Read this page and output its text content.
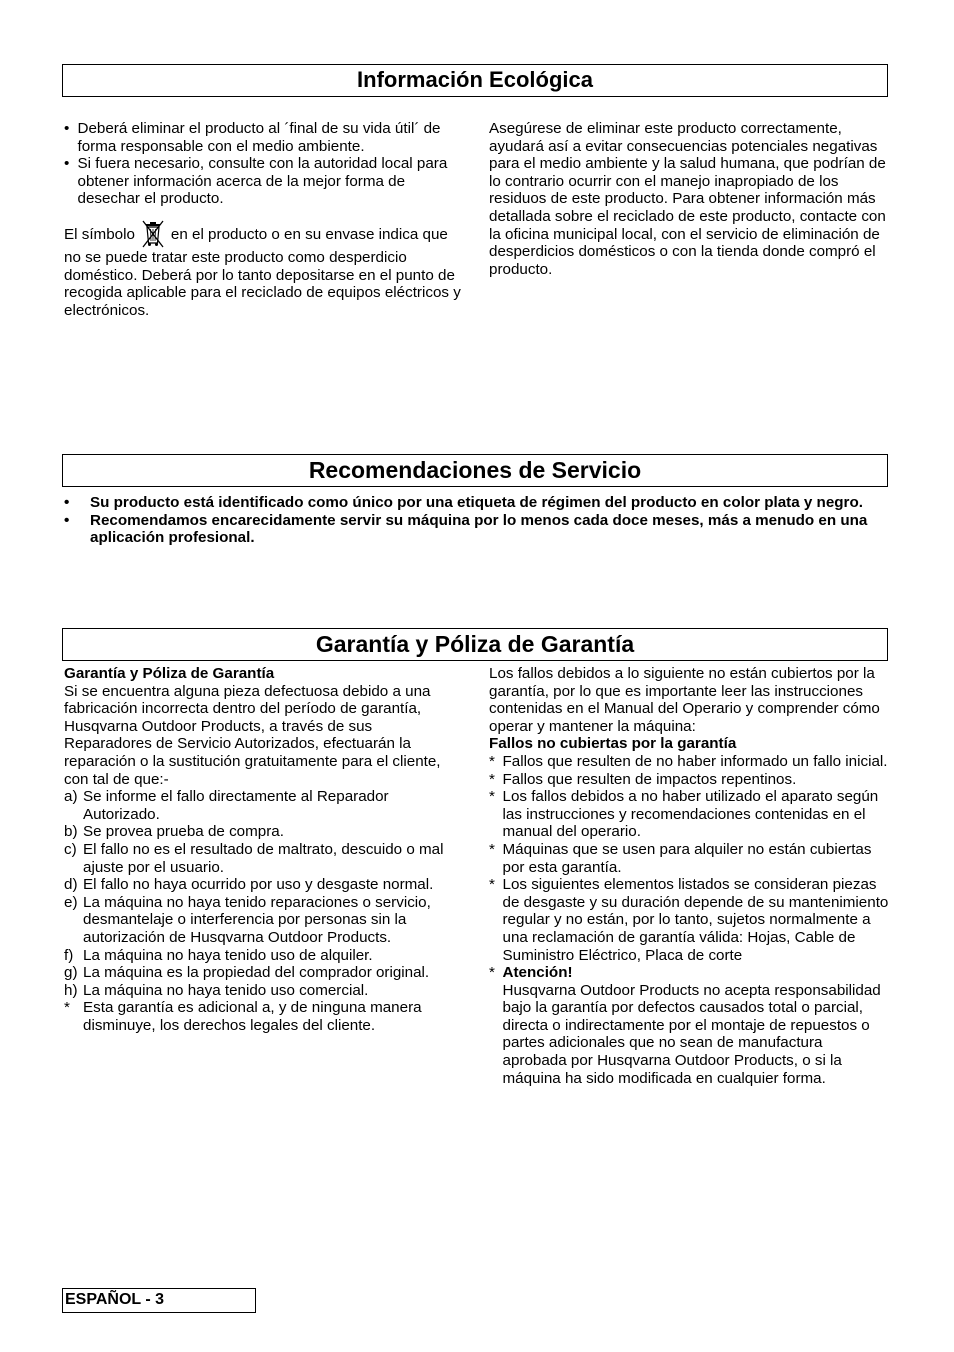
Información Ecológica
• Deberá eliminar el producto al ´final de su vida útil´ de forma responsable con el medio ambiente.
• Si fuera necesario, consulte con la autoridad local para obtener información acerca de la mejor forma de desechar el producto.

El símbolo en el producto o en su envase indica que no se puede tratar este producto como desperdicio doméstico. Deberá por lo tanto depositarse en el punto de recogida aplicable para el reciclado de equipos eléctricos y electrónicos.

Asegúrese de eliminar este producto correctamente, ayudará así a evitar consecuencias potenciales negativas para el medio ambiente y la salud humana, que podrían de lo contrario ocurrir con el manejo inapropiado de los residuos de este producto. Para obtener información más detallada sobre el reciclado de este producto, contacte con la oficina municipal local, con el servicio de eliminación de desperdicios domésticos o con la tienda donde compró el producto.

Recomendaciones de Servicio
• Su producto está identificado como único por una etiqueta de régimen del producto en color plata y negro.
• Recomendamos encarecidamente servir su máquina por lo menos cada doce meses, más a menudo en una aplicación profesional.
Garantía y Póliza de Garantía

Garantía y Póliza de Garantía

Si se encuentra alguna pieza defectuosa debido a una fabricación incorrecta dentro del período de garantía, Husqvarna Outdoor Products, a través de sus Reparadores de Servicio Autorizados, efectuarán la reparación o la sustitución gratuitamente para el cliente, con tal de que:-

a) Se informe el fallo directamente al Reparador Autorizado.
b) Se provea prueba de compra.
c) El fallo no es el resultado de maltrato, descuido o mal ajuste por el usuario.
d) El fallo no haya ocurrido por uso y desgaste normal.
e) La máquina no haya tenido reparaciones o servicio, desmantelaje o interferencia por personas sin la autorización de Husqvarna Outdoor Products.
f) La máquina no haya tenido uso de alquiler.
g) La máquina es la propiedad del comprador original.
h) La máquina no haya tenido uso comercial.
* Esta garantía es adicional a, y de ninguna manera disminuye, los derechos legales del cliente.

Los fallos debidos a lo siguiente no están cubiertos por la garantía, por lo que es importante leer las instrucciones contenidas en el Manual del Operario y comprender cómo operar y mantener la máquina:

Fallos no cubiertas por la garantía

* Fallos que resulten de no haber informado un fallo inicial.
* Fallos que resulten de impactos repentinos.
* Los fallos debidos a no haber utilizado el aparato según las instrucciones y recomendaciones contenidas en el manual del operario.
* Máquinas que se usen para alquiler no están cubiertas por esta garantía.
* Los siguientes elementos listados se consideran piezas de desgaste y su duración depende de su mantenimiento regular y no están, por lo tanto, sujetos normalmente a una reclamación de garantía válida: Hojas, Cable de Suministro Eléctrico, Placa de corte
* Atención!
Husqvarna Outdoor Products no acepta responsabilidad bajo la garantía por defectos causados total o parcial, directa o indirectamente por el montaje de repuestos o partes adicionales que no sean de manufactura aprobada por Husqvarna Outdoor Products, o si la máquina ha sido modificada en cualquier forma.
ESPAÑOL - 3
